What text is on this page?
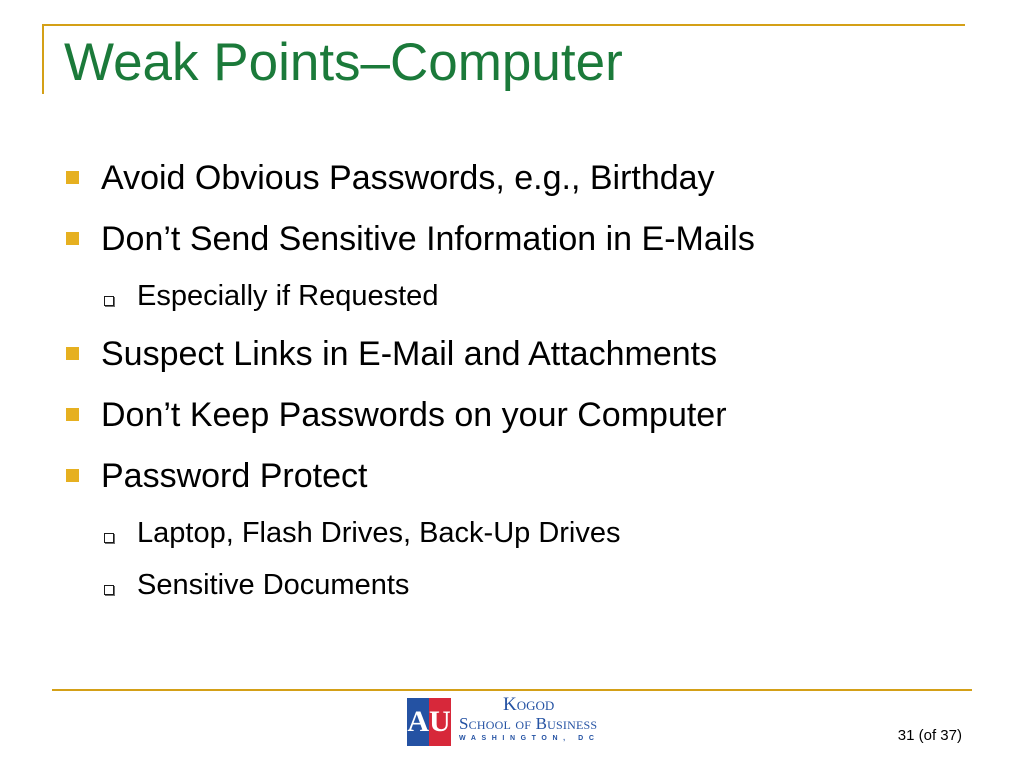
Weak Points–Computer
Avoid Obvious Passwords, e.g., Birthday
Don’t Send Sensitive Information in E-Mails
Especially if Requested
Suspect Links in E-Mail and Attachments
Don’t Keep Passwords on your Computer
Password Protect
Laptop, Flash Drives, Back-Up Drives
Sensitive Documents
AU
Kogod
School of Business
WASHINGTON, DC	31 (of 37)
